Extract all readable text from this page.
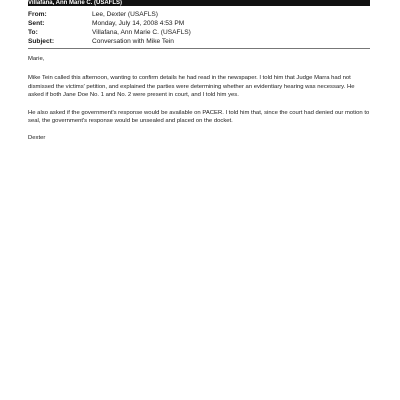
Villafana, Ann Marie C. (USAFLS)
From:	Lee, Dexter (USAFLS)
Sent:	Monday, July 14, 2008 4:53 PM
To:	Villafana, Ann Marie C. (USAFLS)
Subject:	Conversation with Mike Tein

Marie,

Mike Tein called this afternoon, wanting to confirm details he had read in the newspaper. I told him that Judge Marra had not dismissed the victims' petition, and explained the parties were determining whether an evidentiary hearing was necessary. He asked if both Jane Doe No. 1 and No. 2 were present in court, and I told him yes.

He also asked if the government's response would be available on PACER. I told him that, since the court had denied our motion to seal, the government's response would be unsealed and placed on the docket.

Dexter
